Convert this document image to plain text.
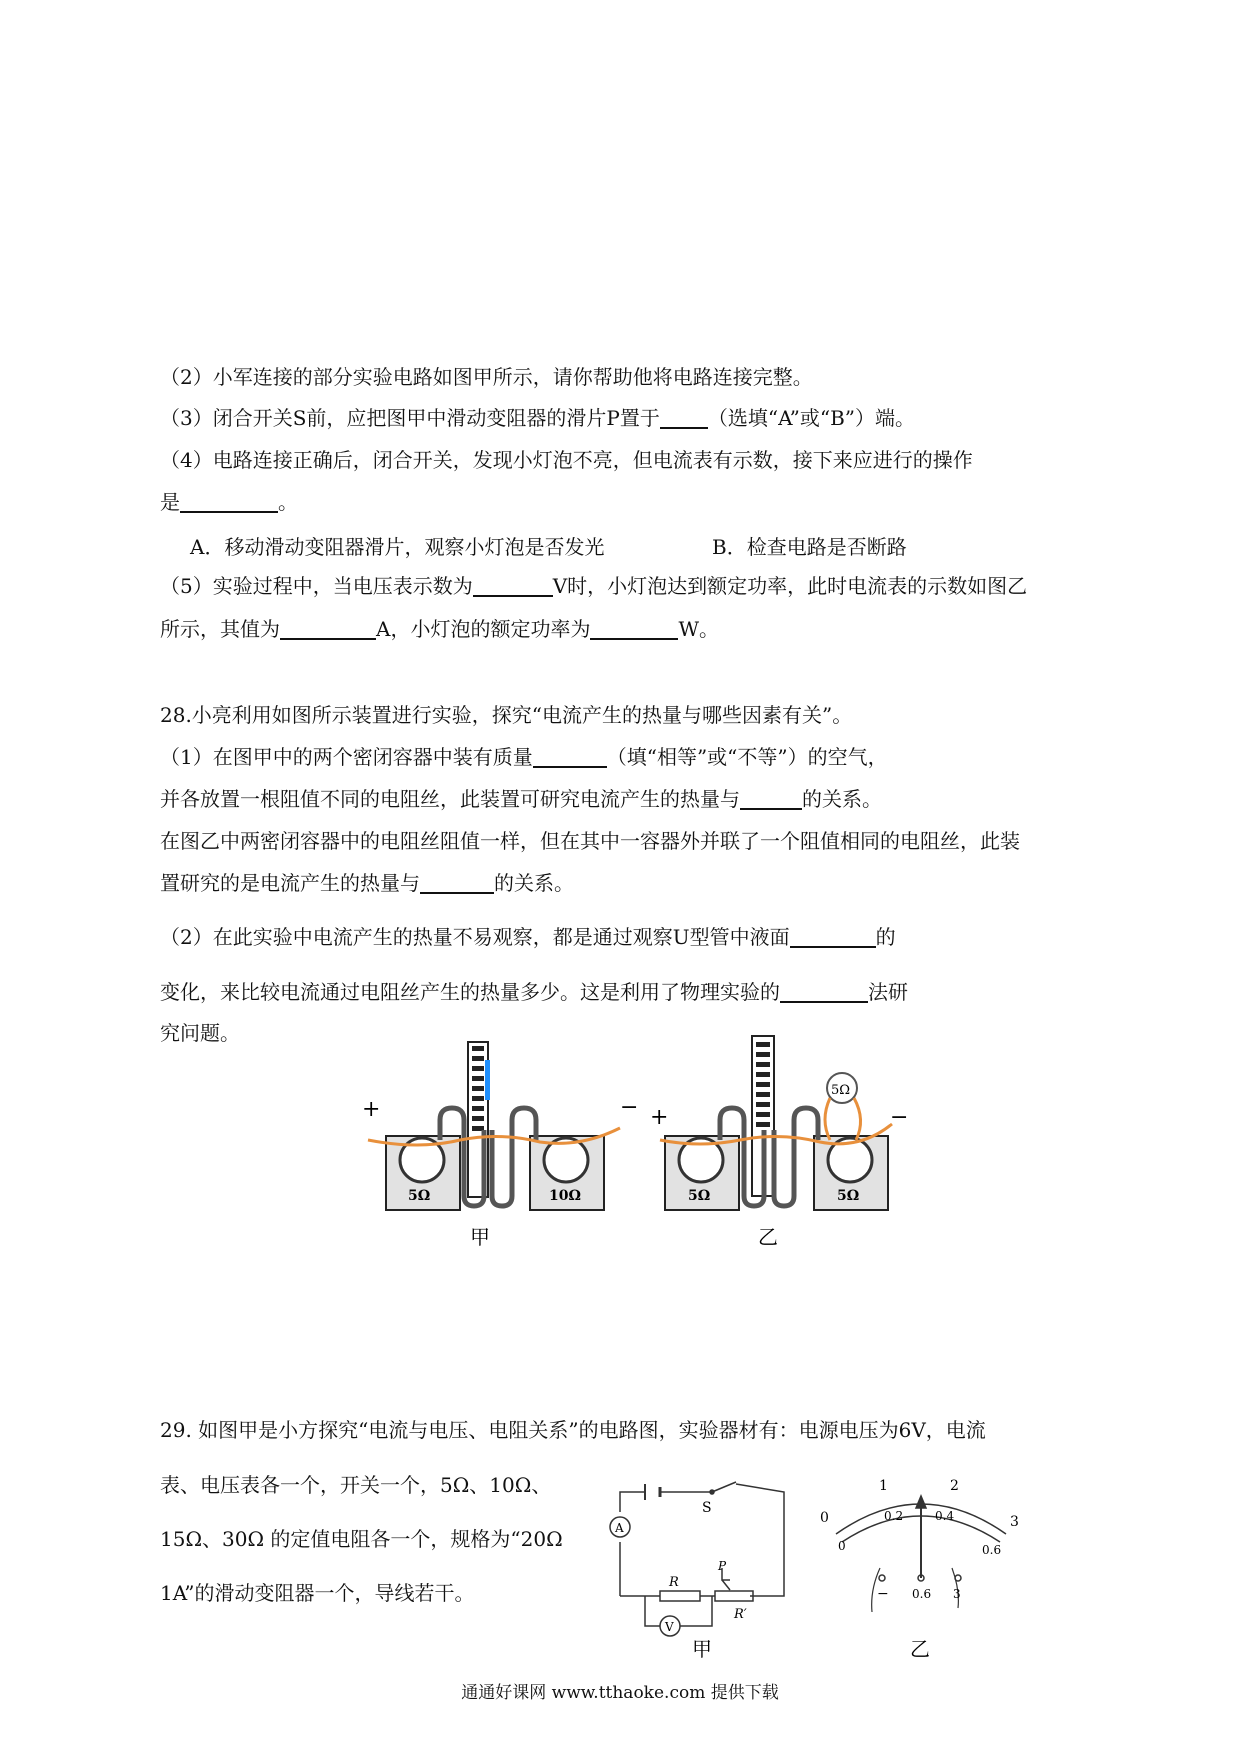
（2）小军连接的部分实验电路如图甲所示，请你帮助他将电路连接完整。
（3）闭合开关S前，应把图甲中滑动变阻器的滑片P置于 （选填“A”或“B”）端。
（4）电路连接正确后，闭合开关，发现小灯泡不亮，但电流表有示数，接下来应进行的操作
是	。
A．移动滑动变阻器滑片，观察小灯泡是否发光	B．检查电路是否断路
（5）实验过程中，当电压表示数为	V时，小灯泡达到额定功率，此时电流表的示数如图乙
所示，其值为	A，小灯泡的额定功率为	W。
28.小亮利用如图所示装置进行实验，探究“电流产生的热量与哪些因素有关”。
（1）在图甲中的两个密闭容器中装有质量	（填“相等”或“不等”）的空气，
并各放置一根阻值不同的电阻丝，此装置可研究电流产生的热量与	的关系。
在图乙中两密闭容器中的电阻丝阻值一样，但在其中一容器外并联了一个阻值相同的电阻丝，此装
置研究的是电流产生的热量与	的关系。
（2）在此实验中电流产生的热量不易观察，都是通过观察U型管中液面	的
变化，来比较电流通过电阻丝产生的热量多少。这是利用了物理实验的	法研
究问题。
+	−
5Ω	10Ω
甲
5Ω
+	−
5Ω	5Ω
乙
S
A
V
R
R′
P
甲
0
1	2
3
0
0.2	0.4
0.6
− 0.6 3
乙
29. 如图甲是小方探究“电流与电压、电阻关系”的电路图，实验器材有：电源电压为6V，电流
表、电压表各一个，开关一个，5Ω、10Ω、
15Ω、30Ω 的定值电阻各一个，规格为“20Ω
1A”的滑动变阻器一个，导线若干。
通通好课网 www.tthaoke.com 提供下载
